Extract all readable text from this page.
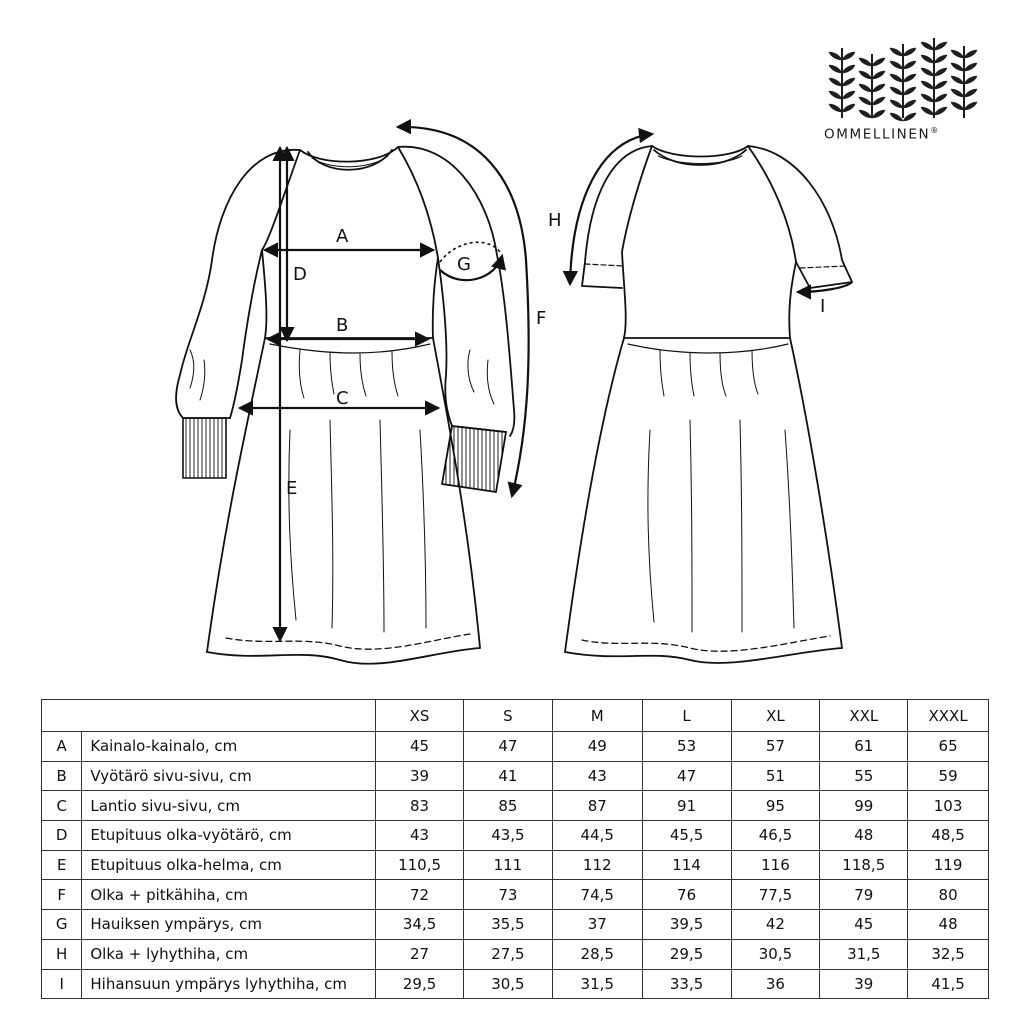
A
B
C
D
E
F
G
H
I
OMMELLINEN®
		XS	S	M	L	XL	XXL	XXXL
A	Kainalo-kainalo, cm	45	47	49	53	57	61	65
B	Vyötärö sivu-sivu, cm	39	41	43	47	51	55	59
C	Lantio sivu-sivu, cm	83	85	87	91	95	99	103
D	Etupituus olka-vyötärö, cm	43	43,5	44,5	45,5	46,5	48	48,5
E	Etupituus olka-helma, cm	110,5	111	112	114	116	118,5	119
F	Olka + pitkähiha, cm	72	73	74,5	76	77,5	79	80
G	Hauiksen ympärys, cm	34,5	35,5	37	39,5	42	45	48
H	Olka + lyhythiha, cm	27	27,5	28,5	29,5	30,5	31,5	32,5
I	Hihansuun ympärys lyhythiha, cm	29,5	30,5	31,5	33,5	36	39	41,5
